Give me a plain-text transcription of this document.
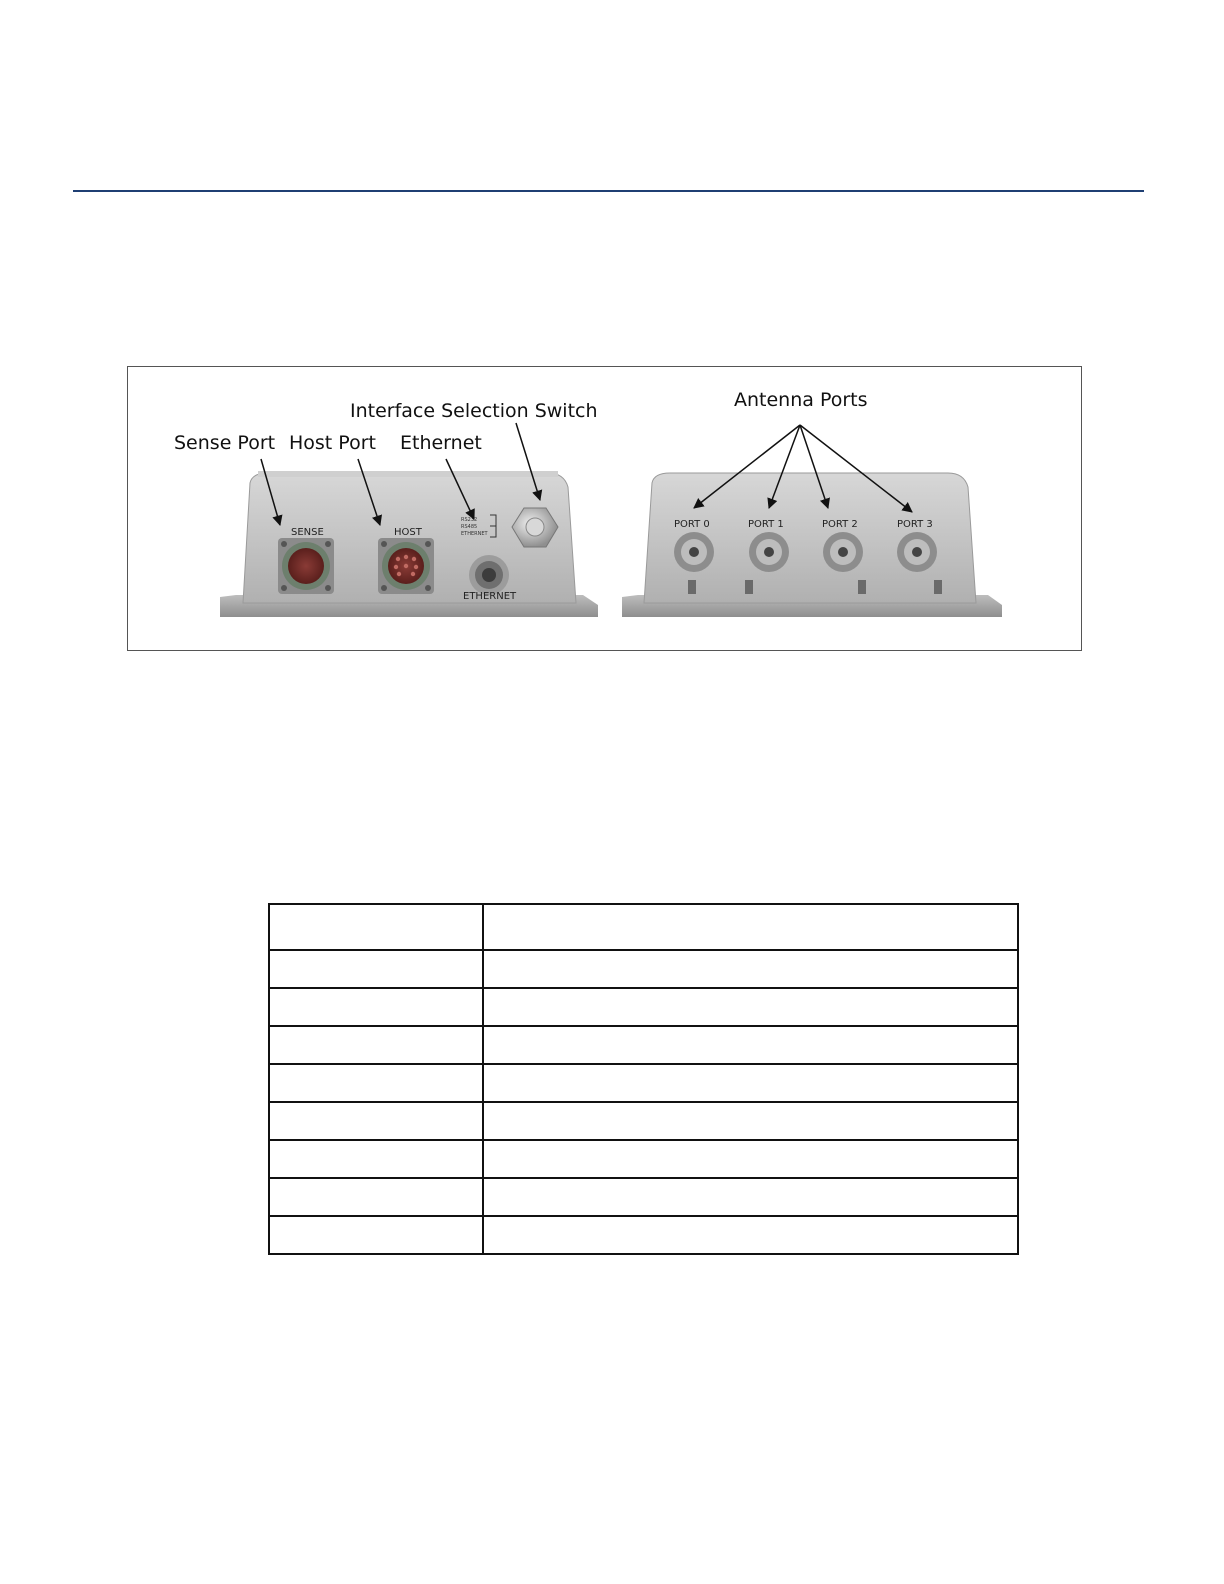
SENSE	HOST
RS232
RS485
ETHERNET
ETHERNET
PORT 0	PORT 1	PORT 2	PORT 3
Sense Port Host Port Ethernet
Interface Selection Switch	Antenna Ports
